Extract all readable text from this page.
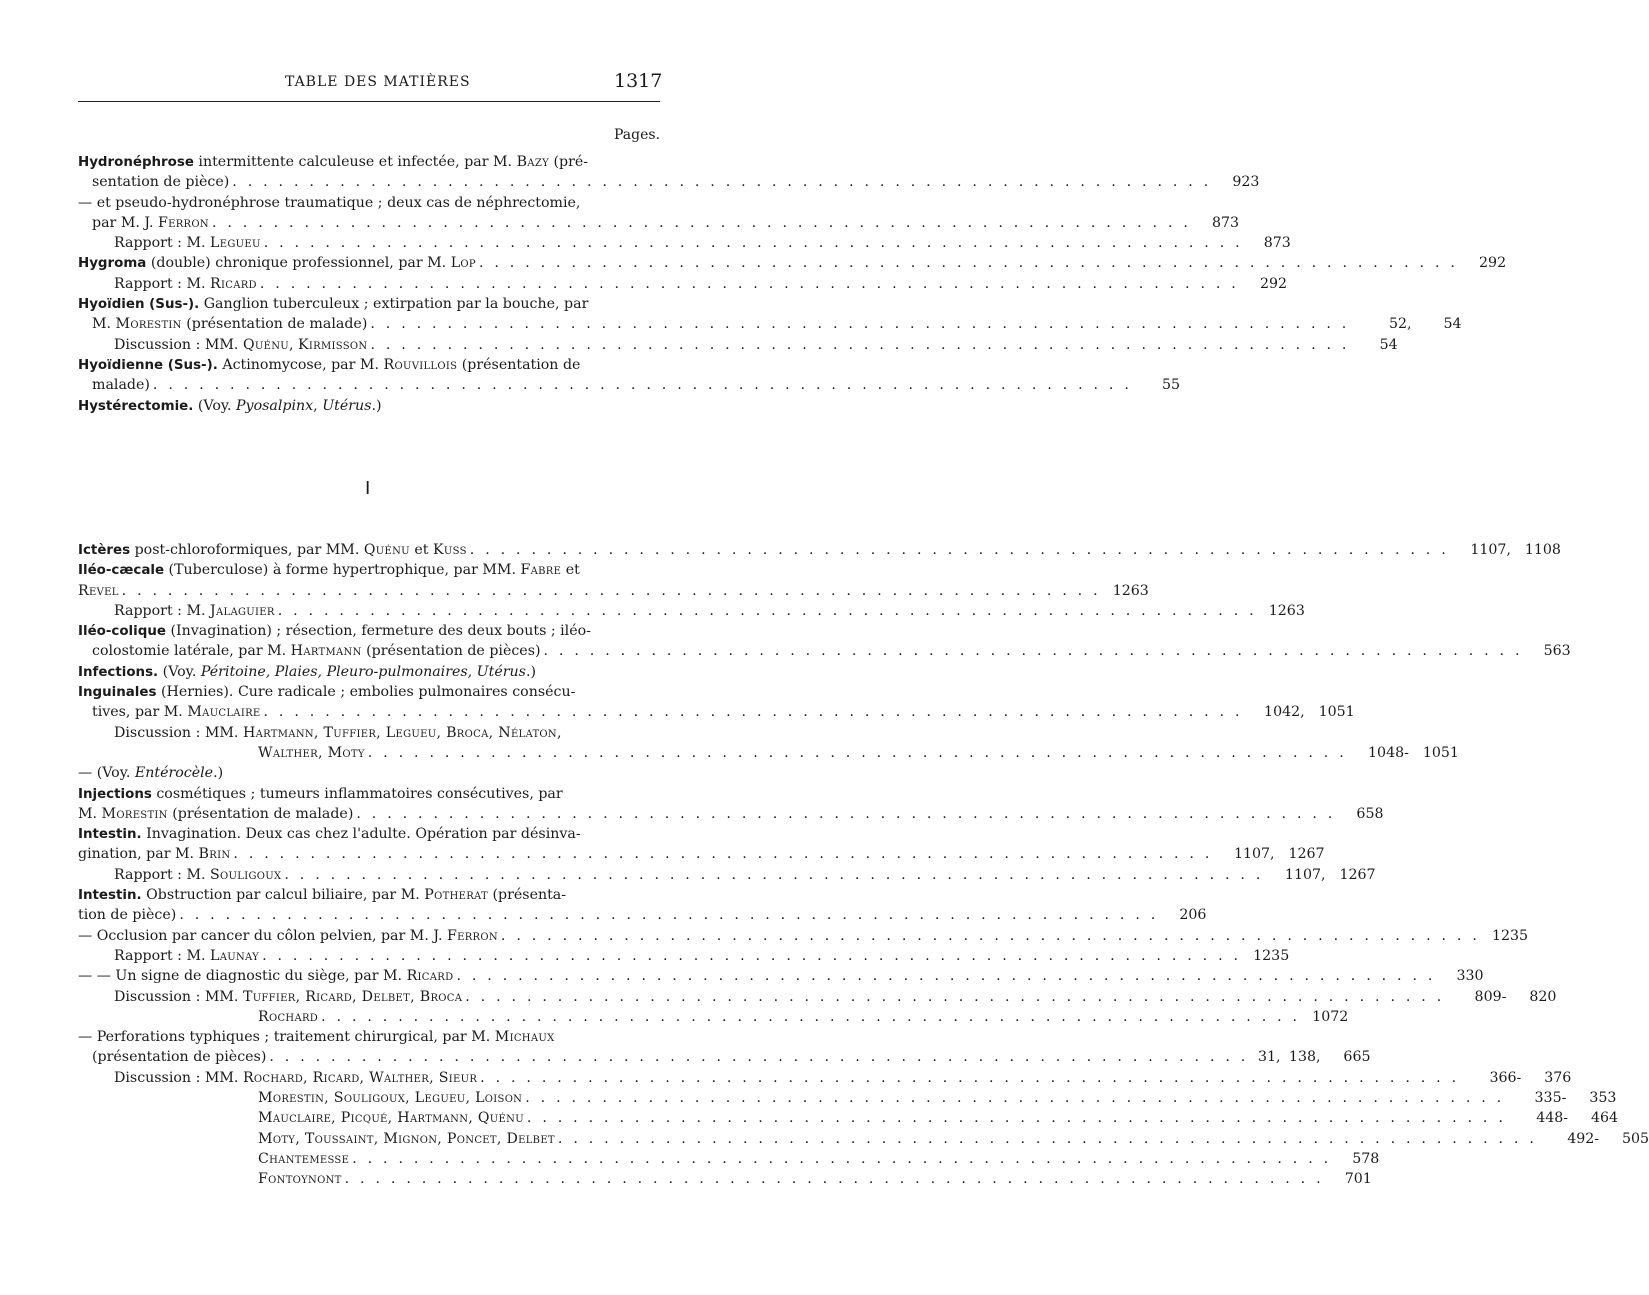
TABLE DES MATIÈRES	1317
Pages.
Hydronéphrose intermittente calculeuse et infectée, par M. Bazy (pré-
sentation de pièce) . . . . . . . . . . . . . . . . . . . . . . . . . . . . . . . . . . . . . . . . . . . . . . . . . . . . . . . . . . . . . . . .	923
— et pseudo-hydronéphrose traumatique ; deux cas de néphrectomie,
par M. J. Ferron . . . . . . . . . . . . . . . . . . . . . . . . . . . . . . . . . . . . . . . . . . . . . . . . . . . . . . . . . . . . . . . .	873
Rapport : M. Legueu . . . . . . . . . . . . . . . . . . . . . . . . . . . . . . . . . . . . . . . . . . . . . . . . . . . . . . . . . . . . . . . .	873
Hygroma (double) chronique professionnel, par M. Lop . . . . . . . . . . . . . . . . . . . . . . . . . . . . . . . . . . . . . . . . . . . . . . . . . . . . . . . . . . . . . . . .	292
Rapport : M. Ricard . . . . . . . . . . . . . . . . . . . . . . . . . . . . . . . . . . . . . . . . . . . . . . . . . . . . . . . . . . . . . . . .	292
Hyoïdien (Sus-). Ganglion tuberculeux ; extirpation par la bouche, par
M. Morestin (présentation de malade) . . . . . . . . . . . . . . . . . . . . . . . . . . . . . . . . . . . . . . . . . . . . . . . . . . . . . . . . . . . . . . . .	52,	54
Discussion : MM. Quénu, Kirmisson . . . . . . . . . . . . . . . . . . . . . . . . . . . . . . . . . . . . . . . . . . . . . . . . . . . . . . . . . . . . . . . .	54
Hyoïdienne (Sus-). Actinomycose, par M. Rouvillois (présentation de
malade) . . . . . . . . . . . . . . . . . . . . . . . . . . . . . . . . . . . . . . . . . . . . . . . . . . . . . . . . . . . . . . . .	55
Hystérectomie. (Voy. Pyosalpinx, Utérus.)
I
Ictères post-chloroformiques, par MM. Quénu et Kuss . . . . . . . . . . . . . . . . . . . . . . . . . . . . . . . . . . . . . . . . . . . . . . . . . . . . . . . . . . . . . . . .	1107, 1108
Iléo-cæcale (Tuberculose) à forme hypertrophique, par MM. Fabre et
Revel . . . . . . . . . . . . . . . . . . . . . . . . . . . . . . . . . . . . . . . . . . . . . . . . . . . . . . . . . . . . . . . . 1263
Rapport : M. Jalaguier . . . . . . . . . . . . . . . . . . . . . . . . . . . . . . . . . . . . . . . . . . . . . . . . . . . . . . . . . . . . . . . . 1263
Iléo-colique (Invagination) ; résection, fermeture des deux bouts ; iléo-
colostomie latérale, par M. Hartmann (présentation de pièces) . . . . . . . . . . . . . . . . . . . . . . . . . . . . . . . . . . . . . . . . . . . . . . . . . . . . . . . . . . . . . . . .	563
Infections. (Voy. Péritoine, Plaies, Pleuro-pulmonaires, Utérus.)
Inguinales (Hernies). Cure radicale ; embolies pulmonaires consécu-
tives, par M. Mauclaire . . . . . . . . . . . . . . . . . . . . . . . . . . . . . . . . . . . . . . . . . . . . . . . . . . . . . . . . . . . . . . . .	1042, 1051
Discussion : MM. Hartmann, Tuffier, Legueu, Broca, Nélaton,
Walther, Moty . . . . . . . . . . . . . . . . . . . . . . . . . . . . . . . . . . . . . . . . . . . . . . . . . . . . . . . . . . . . . . . .	1048- 1051
— (Voy. Entérocèle.)
Injections cosmétiques ; tumeurs inflammatoires consécutives, par
M. Morestin (présentation de malade) . . . . . . . . . . . . . . . . . . . . . . . . . . . . . . . . . . . . . . . . . . . . . . . . . . . . . . . . . . . . . . . .	658
Intestin. Invagination. Deux cas chez l'adulte. Opération par désinva-
gination, par M. Brin . . . . . . . . . . . . . . . . . . . . . . . . . . . . . . . . . . . . . . . . . . . . . . . . . . . . . . . . . . . . . . . .	1107, 1267
Rapport : M. Souligoux . . . . . . . . . . . . . . . . . . . . . . . . . . . . . . . . . . . . . . . . . . . . . . . . . . . . . . . . . . . . . . . .	1107, 1267
Intestin. Obstruction par calcul biliaire, par M. Potherat (présenta-
tion de pièce) . . . . . . . . . . . . . . . . . . . . . . . . . . . . . . . . . . . . . . . . . . . . . . . . . . . . . . . . . . . . . . . .	206
— Occlusion par cancer du côlon pelvien, par M. J. Ferron . . . . . . . . . . . . . . . . . . . . . . . . . . . . . . . . . . . . . . . . . . . . . . . . . . . . . . . . . . . . . . . . 1235
Rapport : M. Launay . . . . . . . . . . . . . . . . . . . . . . . . . . . . . . . . . . . . . . . . . . . . . . . . . . . . . . . . . . . . . . . . 1235
— — Un signe de diagnostic du siège, par M. Ricard . . . . . . . . . . . . . . . . . . . . . . . . . . . . . . . . . . . . . . . . . . . . . . . . . . . . . . . . . . . . . . . .	330
Discussion : MM. Tuffier, Ricard, Delbet, Broca . . . . . . . . . . . . . . . . . . . . . . . . . . . . . . . . . . . . . . . . . . . . . . . . . . . . . . . . . . . . . . . .	809-	820
Rochard . . . . . . . . . . . . . . . . . . . . . . . . . . . . . . . . . . . . . . . . . . . . . . . . . . . . . . . . . . . . . . . . 1072
— Perforations typhiques ; traitement chirurgical, par M. Michaux
(présentation de pièces) . . . . . . . . . . . . . . . . . . . . . . . . . . . . . . . . . . . . . . . . . . . . . . . . . . . . . . . . . . . . . . . . 31, 138,	665
Discussion : MM. Rochard, Ricard, Walther, Sieur . . . . . . . . . . . . . . . . . . . . . . . . . . . . . . . . . . . . . . . . . . . . . . . . . . . . . . . . . . . . . . . .	366-	376
Morestin, Souligoux, Legueu, Loison . . . . . . . . . . . . . . . . . . . . . . . . . . . . . . . . . . . . . . . . . . . . . . . . . . . . . . . . . . . . . . . .	335-	353
Mauclaire, Picqué, Hartmann, Quénu . . . . . . . . . . . . . . . . . . . . . . . . . . . . . . . . . . . . . . . . . . . . . . . . . . . . . . . . . . . . . . . .	448-	464
Moty, Toussaint, Mignon, Poncet, Delbet . . . . . . . . . . . . . . . . . . . . . . . . . . . . . . . . . . . . . . . . . . . . . . . . . . . . . . . . . . . . . . . .	492-	505
Chantemesse . . . . . . . . . . . . . . . . . . . . . . . . . . . . . . . . . . . . . . . . . . . . . . . . . . . . . . . . . . . . . . . .	578
Fontoynont . . . . . . . . . . . . . . . . . . . . . . . . . . . . . . . . . . . . . . . . . . . . . . . . . . . . . . . . . . . . . . . .	701
